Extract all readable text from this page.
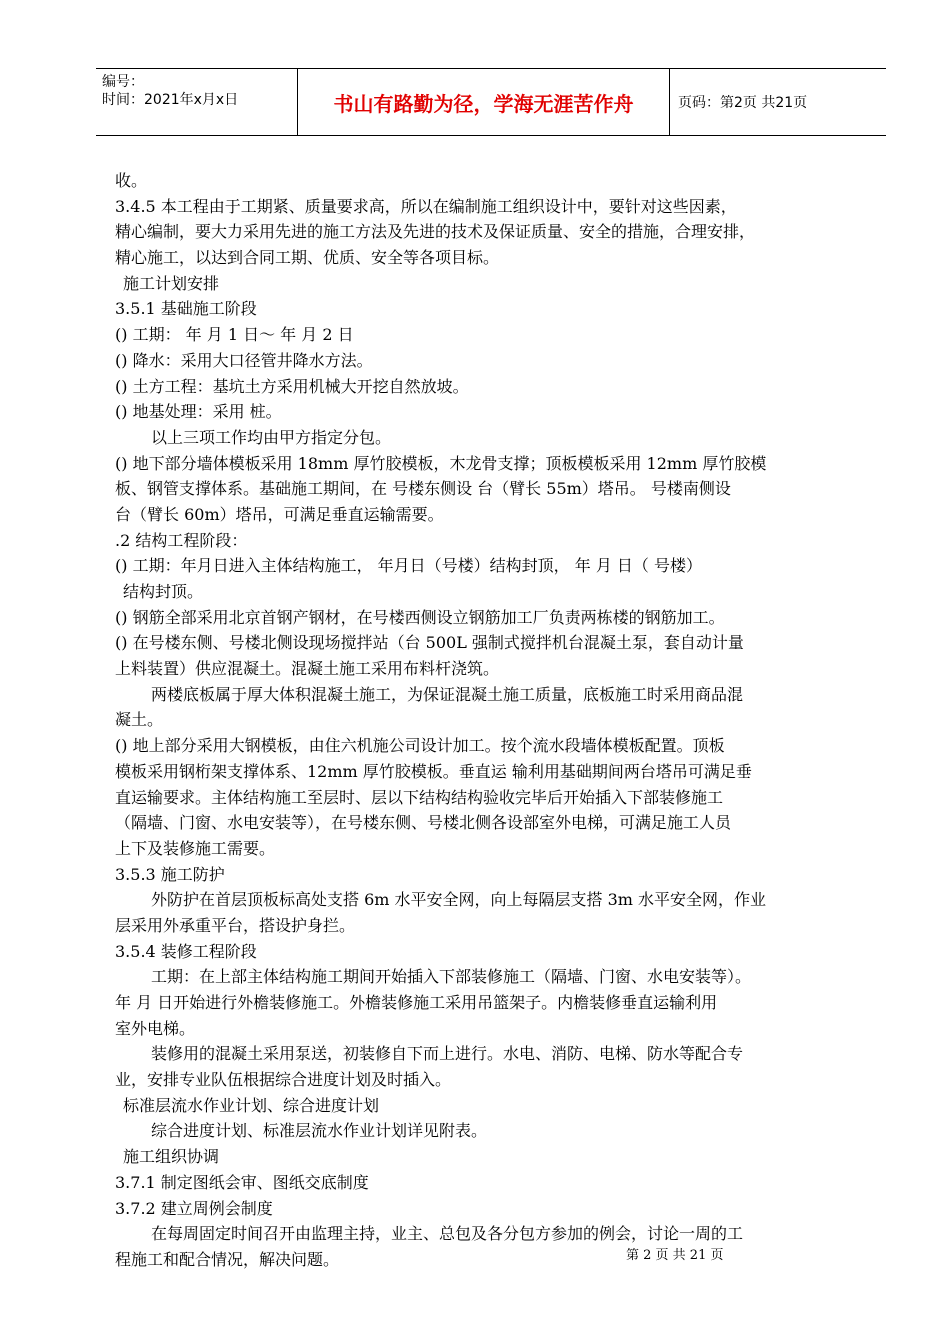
编号：
时间：2021年x月x日	书山有路勤为径，学海无涯苦作舟	页码：第2页 共21页
收。
3.4.5 本工程由于工期紧、质量要求高，所以在编制施工组织设计中，要针对这些因素，
精心编制，要大力采用先进的施工方法及先进的技术及保证质量、安全的措施，合理安排，
精心施工，以达到合同工期、优质、安全等各项目标。
施工计划安排
3.5.1 基础施工阶段
() 工期： 年 月 1 日～ 年 月 2 日
() 降水：采用大口径管井降水方法。
() 土方工程：基坑土方采用机械大开挖自然放坡。
() 地基处理：采用 桩。
以上三项工作均由甲方指定分包。
() 地下部分墙体模板采用 18mm 厚竹胶模板，木龙骨支撑；顶板模板采用 12mm 厚竹胶模
板、钢管支撑体系。基础施工期间，在 号楼东侧设 台（臂长 55m）塔吊。 号楼南侧设
台（臂长 60m）塔吊，可满足垂直运输需要。
.2 结构工程阶段：
() 工期：年月日进入主体结构施工， 年月日（号楼）结构封顶， 年 月 日（ 号楼）
结构封顶。
() 钢筋全部采用北京首钢产钢材，在号楼西侧设立钢筋加工厂负责两栋楼的钢筋加工。
() 在号楼东侧、号楼北侧设现场搅拌站（台 500L 强制式搅拌机台混凝土泵，套自动计量
上料装置）供应混凝土。混凝土施工采用布料杆浇筑。
两楼底板属于厚大体积混凝土施工，为保证混凝土施工质量，底板施工时采用商品混
凝土。
() 地上部分采用大钢模板，由住六机施公司设计加工。按个流水段墙体模板配置。顶板
模板采用钢桁架支撑体系、12mm 厚竹胶模板。垂直运 输利用基础期间两台塔吊可满足垂
直运输要求。主体结构施工至层时、层以下结构结构验收完毕后开始插入下部装修施工
（隔墙、门窗、水电安装等），在号楼东侧、号楼北侧各设部室外电梯，可满足施工人员
上下及装修施工需要。
3.5.3 施工防护
外防护在首层顶板标高处支搭 6m 水平安全网，向上每隔层支搭 3m 水平安全网，作业
层采用外承重平台，搭设护身拦。
3.5.4 装修工程阶段
工期：在上部主体结构施工期间开始插入下部装修施工（隔墙、门窗、水电安装等）。
年 月 日开始进行外檐装修施工。外檐装修施工采用吊篮架子。内檐装修垂直运输利用
室外电梯。
装修用的混凝土采用泵送，初装修自下而上进行。水电、消防、电梯、防水等配合专
业，安排专业队伍根据综合进度计划及时插入。
标准层流水作业计划、综合进度计划
综合进度计划、标准层流水作业计划详见附表。
施工组织协调
3.7.1 制定图纸会审、图纸交底制度
3.7.2 建立周例会制度
在每周固定时间召开由监理主持，业主、总包及各分包方参加的例会，讨论一周的工
程施工和配合情况，解决问题。	第 2 页 共 21 页
